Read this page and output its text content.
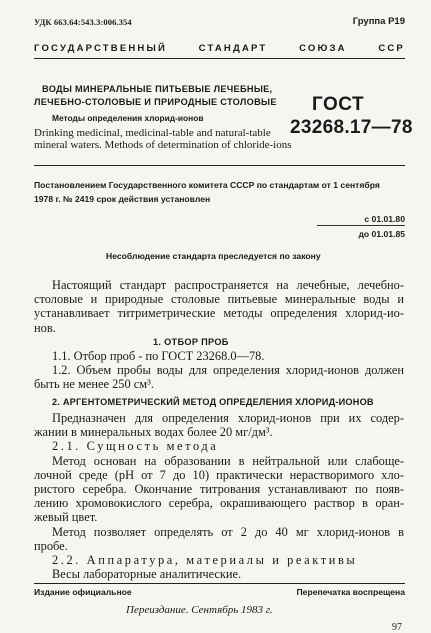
УДК 663.64:543.3:006.354	Группа Р19
ГОСУДАРСТВЕННЫЙ	СТАНДАРТ	СОЮЗА	ССР
ВОДЫ МИНЕРАЛЬНЫЕ ПИТЬЕВЫЕ ЛЕЧЕБНЫЕ,
ЛЕЧЕБНО-СТОЛОВЫЕ И ПРИРОДНЫЕ СТОЛОВЫЕ
Методы определения хлорид-ионов
ГОСТ
23268.17—78
Drinking medicinal, medicinal-table and natural-table
mineral waters. Methods of determination of chloride-ions
Постановлением Государственного комитета СССР по стандартам от 1 сентября
1978 г. № 2419 срок действия установлен
с 01.01.80
до 01.01.85
Несоблюдение стандарта преследуется по закону
Настоящий стандарт распространяется на лечебные, лечебно-
столовые и природные столовые питьевые минеральные воды и
устанавливает титриметрические методы определения хлорид-ио-
нов.
1. ОТБОР ПРОБ
1.1. Отбор проб - по ГОСТ 23268.0—78.
1.2. Объем пробы воды для определения хлорид-ионов должен
быть не менее 250 см³.
2. АРГЕНТОМЕТРИЧЕСКИЙ МЕТОД ОПРЕДЕЛЕНИЯ ХЛОРИД-ИОНОВ
Предназначен для определения хлорид-ионов при их содер-
жании в минеральных водах более 20 мг/дм³.
2.1. Сущность метода
Метод основан на образовании в нейтральной или слабоще-
лочной среде (pH от 7 до 10) практически нерастворимого хло-
ристого серебра. Окончание титрования устанавливают по появ-
лению хромовокислого серебра, окрашивающего раствор в оран-
жевый цвет.
Метод позволяет определять от 2 до 40 мг хлорид-ионов в
пробе.
2.2. Аппаратура, материалы и реактивы
Весы лабораторные аналитические.
Издание официальное	Перепечатка воспрещена
Переиздание. Сентябрь 1983 г.
97
